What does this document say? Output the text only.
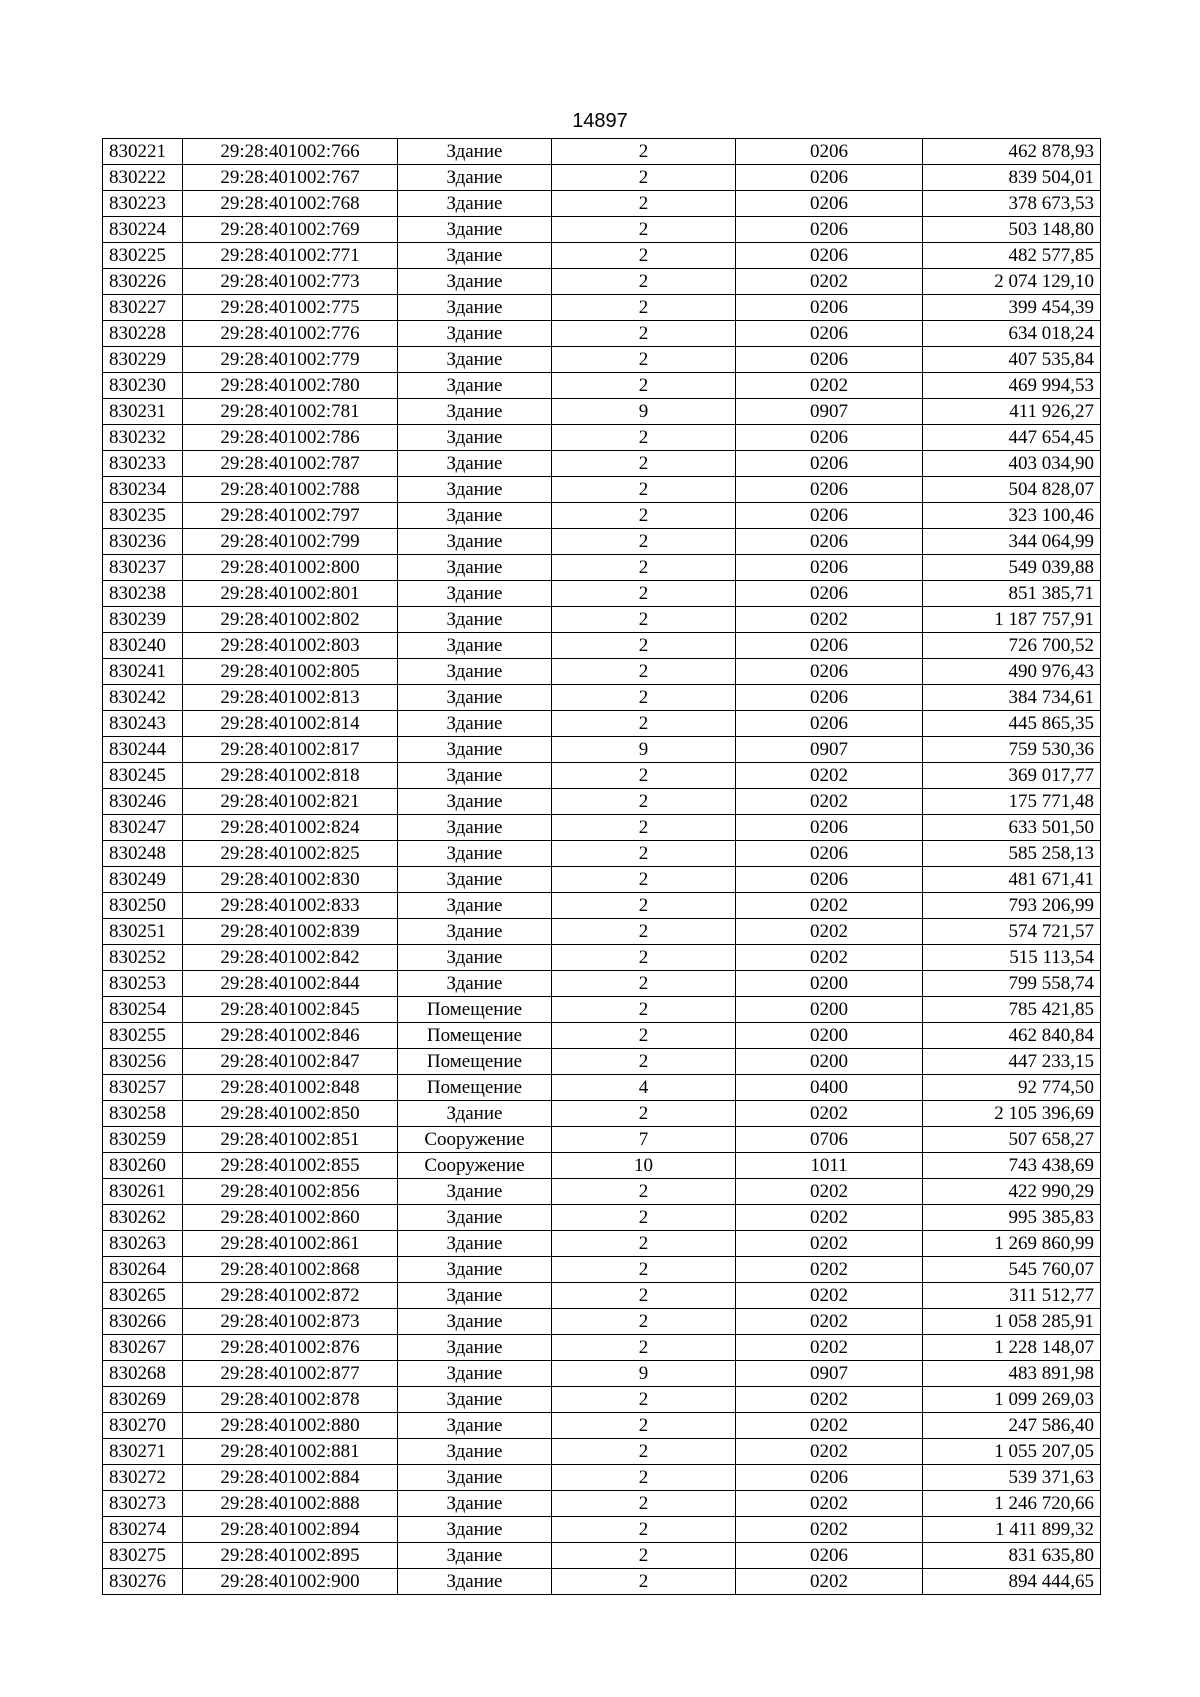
14897
830221	29:28:401002:766	Здание	2	0206	462 878,93
830222	29:28:401002:767	Здание	2	0206	839 504,01
830223	29:28:401002:768	Здание	2	0206	378 673,53
830224	29:28:401002:769	Здание	2	0206	503 148,80
830225	29:28:401002:771	Здание	2	0206	482 577,85
830226	29:28:401002:773	Здание	2	0202	2 074 129,10
830227	29:28:401002:775	Здание	2	0206	399 454,39
830228	29:28:401002:776	Здание	2	0206	634 018,24
830229	29:28:401002:779	Здание	2	0206	407 535,84
830230	29:28:401002:780	Здание	2	0202	469 994,53
830231	29:28:401002:781	Здание	9	0907	411 926,27
830232	29:28:401002:786	Здание	2	0206	447 654,45
830233	29:28:401002:787	Здание	2	0206	403 034,90
830234	29:28:401002:788	Здание	2	0206	504 828,07
830235	29:28:401002:797	Здание	2	0206	323 100,46
830236	29:28:401002:799	Здание	2	0206	344 064,99
830237	29:28:401002:800	Здание	2	0206	549 039,88
830238	29:28:401002:801	Здание	2	0206	851 385,71
830239	29:28:401002:802	Здание	2	0202	1 187 757,91
830240	29:28:401002:803	Здание	2	0206	726 700,52
830241	29:28:401002:805	Здание	2	0206	490 976,43
830242	29:28:401002:813	Здание	2	0206	384 734,61
830243	29:28:401002:814	Здание	2	0206	445 865,35
830244	29:28:401002:817	Здание	9	0907	759 530,36
830245	29:28:401002:818	Здание	2	0202	369 017,77
830246	29:28:401002:821	Здание	2	0202	175 771,48
830247	29:28:401002:824	Здание	2	0206	633 501,50
830248	29:28:401002:825	Здание	2	0206	585 258,13
830249	29:28:401002:830	Здание	2	0206	481 671,41
830250	29:28:401002:833	Здание	2	0202	793 206,99
830251	29:28:401002:839	Здание	2	0202	574 721,57
830252	29:28:401002:842	Здание	2	0202	515 113,54
830253	29:28:401002:844	Здание	2	0200	799 558,74
830254	29:28:401002:845	Помещение	2	0200	785 421,85
830255	29:28:401002:846	Помещение	2	0200	462 840,84
830256	29:28:401002:847	Помещение	2	0200	447 233,15
830257	29:28:401002:848	Помещение	4	0400	92 774,50
830258	29:28:401002:850	Здание	2	0202	2 105 396,69
830259	29:28:401002:851	Сооружение	7	0706	507 658,27
830260	29:28:401002:855	Сооружение	10	1011	743 438,69
830261	29:28:401002:856	Здание	2	0202	422 990,29
830262	29:28:401002:860	Здание	2	0202	995 385,83
830263	29:28:401002:861	Здание	2	0202	1 269 860,99
830264	29:28:401002:868	Здание	2	0202	545 760,07
830265	29:28:401002:872	Здание	2	0202	311 512,77
830266	29:28:401002:873	Здание	2	0202	1 058 285,91
830267	29:28:401002:876	Здание	2	0202	1 228 148,07
830268	29:28:401002:877	Здание	9	0907	483 891,98
830269	29:28:401002:878	Здание	2	0202	1 099 269,03
830270	29:28:401002:880	Здание	2	0202	247 586,40
830271	29:28:401002:881	Здание	2	0202	1 055 207,05
830272	29:28:401002:884	Здание	2	0206	539 371,63
830273	29:28:401002:888	Здание	2	0202	1 246 720,66
830274	29:28:401002:894	Здание	2	0202	1 411 899,32
830275	29:28:401002:895	Здание	2	0206	831 635,80
830276	29:28:401002:900	Здание	2	0202	894 444,65
